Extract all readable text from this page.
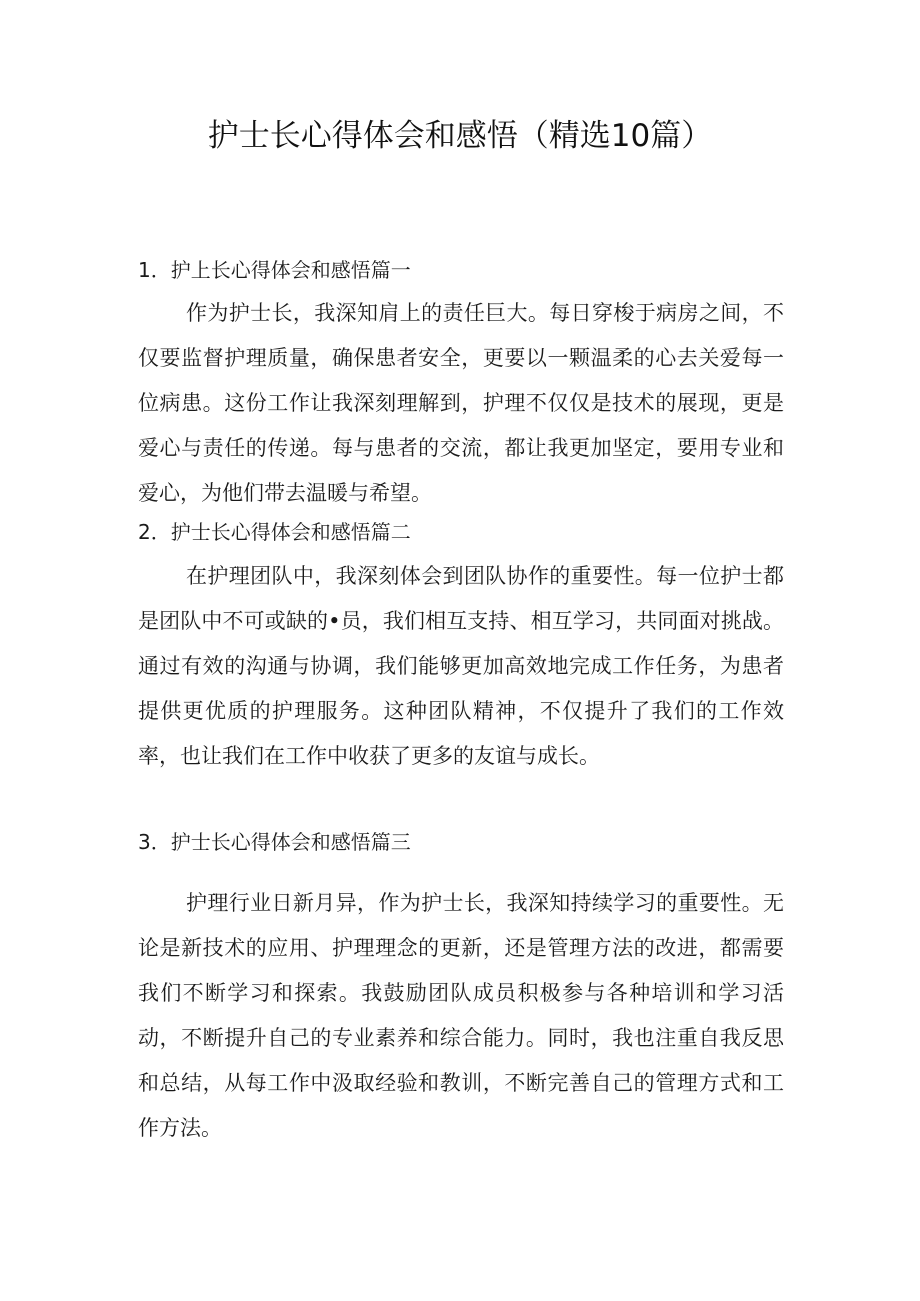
护士长心得体会和感悟（精选10篇）
1．护上长心得体会和感悟篇一
作为护士长，我深知肩上的责任巨大。每日穿梭于病房之间，不仅要监督护理质量，确保患者安全，更要以一颗温柔的心去关爱每一位病患。这份工作让我深刻理解到，护理不仅仅是技术的展现，更是爱心与责任的传递。每与患者的交流，都让我更加坚定，要用专业和爱心，为他们带去温暖与希望。
2．护士长心得体会和感悟篇二
在护理团队中，我深刻体会到团队协作的重要性。每一位护士都是团队中不可或缺的•员，我们相互支持、相互学习，共同面对挑战。通过有效的沟通与协调，我们能够更加高效地完成工作任务，为患者提供更优质的护理服务。这种团队精神，不仅提升了我们的工作效率，也让我们在工作中收获了更多的友谊与成长。
3．护士长心得体会和感悟篇三
护理行业日新月异，作为护士长，我深知持续学习的重要性。无论是新技术的应用、护理理念的更新，还是管理方法的改进，都需要我们不断学习和探索。我鼓励团队成员积极参与各种培训和学习活动，不断提升自己的专业素养和综合能力。同时，我也注重自我反思和总结，从每工作中汲取经验和教训，不断完善自己的管理方式和工作方法。
